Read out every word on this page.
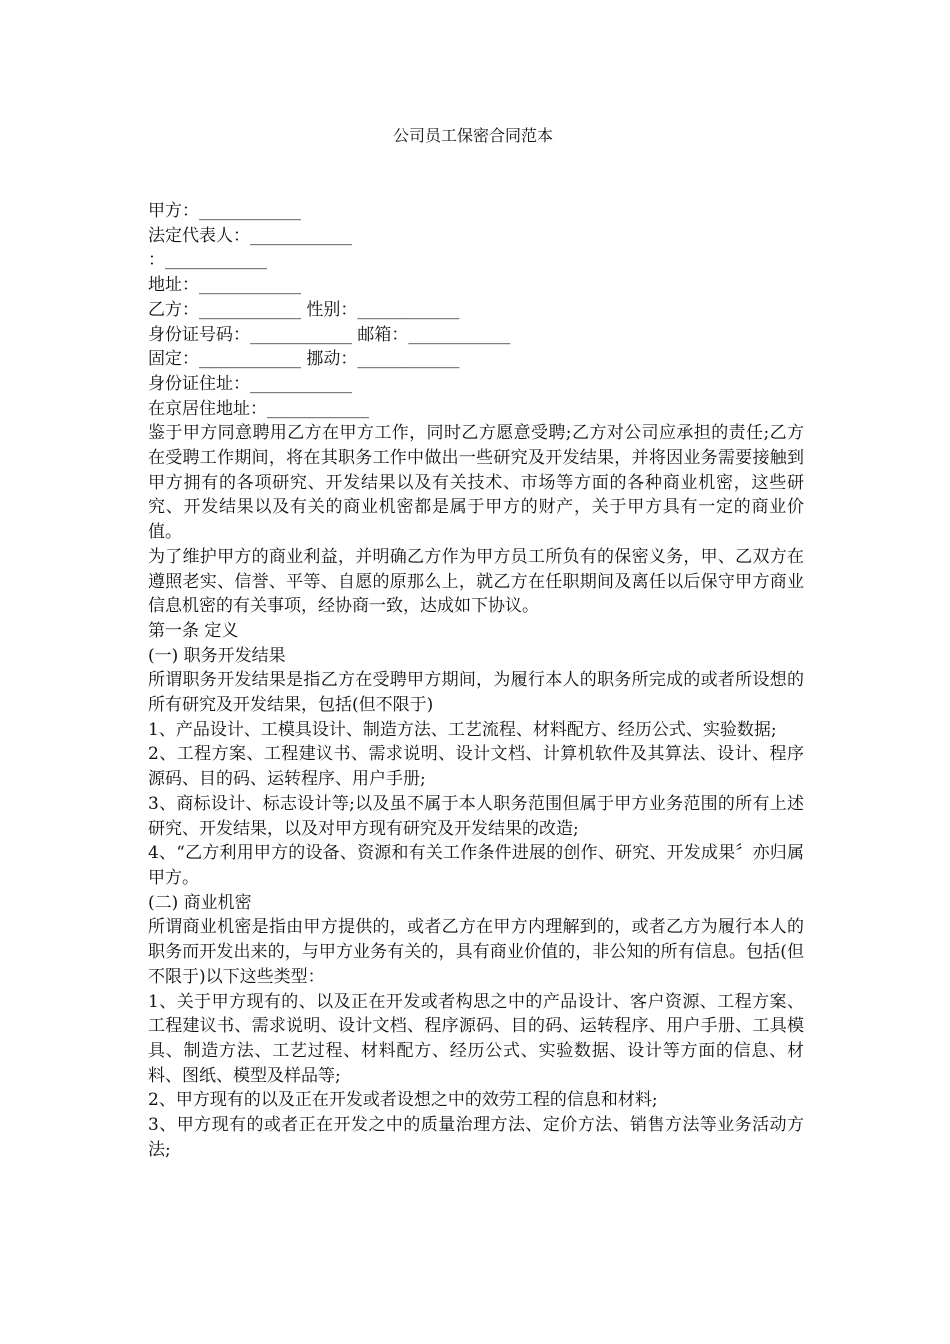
公司员工保密合同范本

甲方：____________

法定代表人：____________

：____________

地址：____________

乙方：____________ 性别：____________

身份证号码：____________ 邮箱：____________

固定：____________ 挪动：____________

身份证住址：____________

在京居住地址：____________

鉴于甲方同意聘用乙方在甲方工作，同时乙方愿意受聘;乙方对公司应承担的责任;乙方在受聘工作期间，将在其职务工作中做出一些研究及开发结果，并将因业务需要接触到甲方拥有的各项研究、开发结果以及有关技术、市场等方面的各种商业机密，这些研究、开发结果以及有关的商业机密都是属于甲方的财产，关于甲方具有一定的商业价值。

为了维护甲方的商业利益，并明确乙方作为甲方员工所负有的保密义务，甲、乙双方在遵照老实、信誉、平等、自愿的原那么上，就乙方在任职期间及离任以后保守甲方商业信息机密的有关事项，经协商一致，达成如下协议。

第一条 定义

(一) 职务开发结果

所谓职务开发结果是指乙方在受聘甲方期间，为履行本人的职务所完成的或者所设想的所有研究及开发结果，包括(但不限于)

1、产品设计、工模具设计、制造方法、工艺流程、材料配方、经历公式、实验数据;

2、工程方案、工程建议书、需求说明、设计文档、计算机软件及其算法、设计、程序源码、目的码、运转程序、用户手册;

3、商标设计、标志设计等;以及虽不属于本人职务范围但属于甲方业务范围的所有上述研究、开发结果，以及对甲方现有研究及开发结果的改造;

4、“乙方利用甲方的设备、资源和有关工作条件进展的创作、研究、开发成果〞亦归属甲方。

(二) 商业机密

所谓商业机密是指由甲方提供的，或者乙方在甲方内理解到的，或者乙方为履行本人的职务而开发出来的，与甲方业务有关的，具有商业价值的，非公知的所有信息。包括(但不限于)以下这些类型：

1、关于甲方现有的、以及正在开发或者构思之中的产品设计、客户资源、工程方案、工程建议书、需求说明、设计文档、程序源码、目的码、运转程序、用户手册、工具模具、制造方法、工艺过程、材料配方、经历公式、实验数据、设计等方面的信息、材料、图纸、模型及样品等;

2、甲方现有的以及正在开发或者设想之中的效劳工程的信息和材料;

3、甲方现有的或者正在开发之中的质量治理方法、定价方法、销售方法等业务活动方法;
